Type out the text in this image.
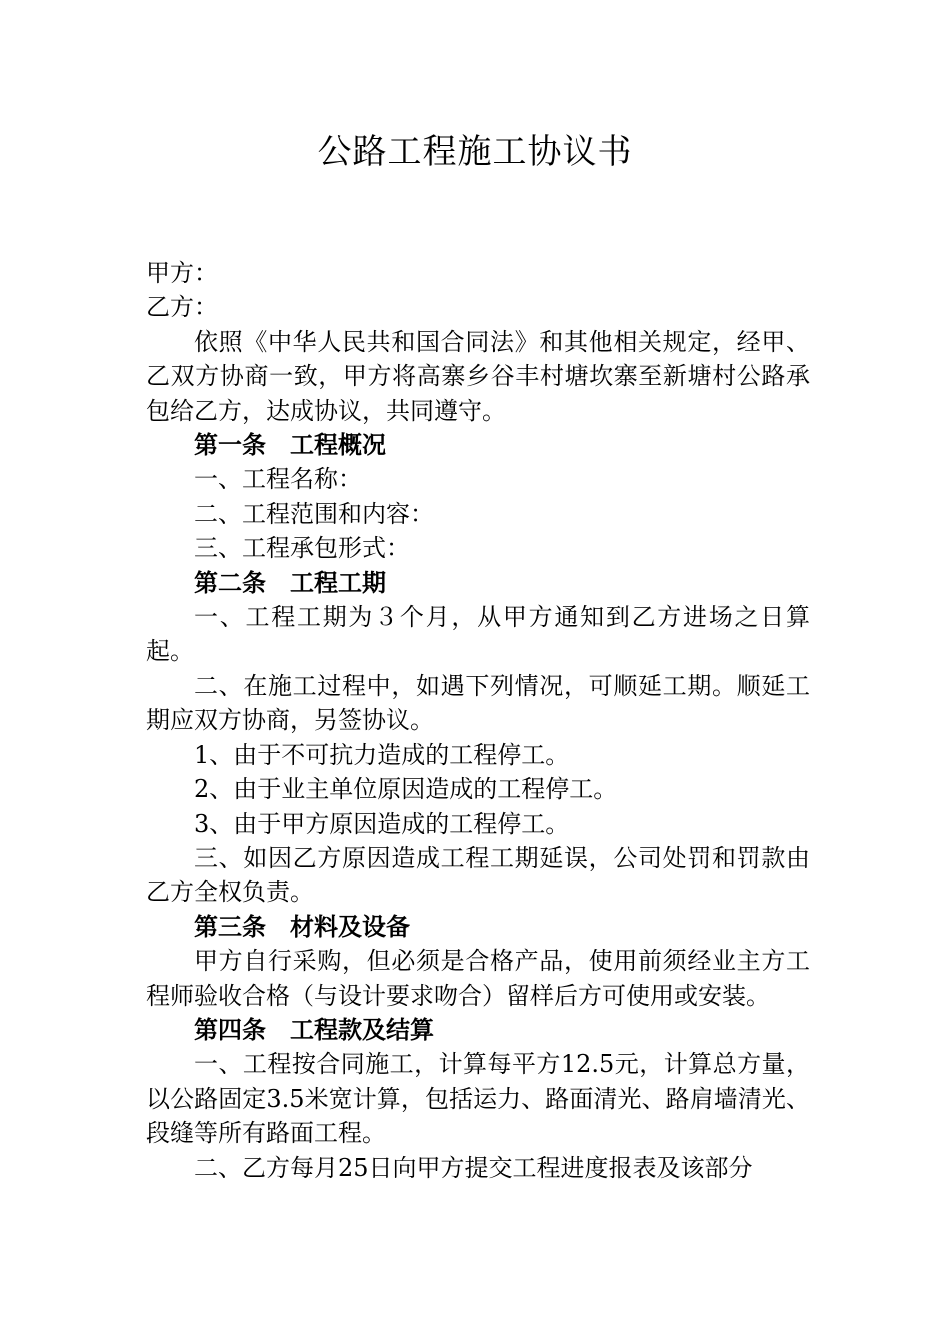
公路工程施工协议书

甲方：

乙方：

依照《中华人民共和国合同法》和其他相关规定，经甲、乙双方协商一致，甲方将高寨乡谷丰村塘坎寨至新塘村公路承包给乙方，达成协议，共同遵守。

第一条　工程概况

一、工程名称：

二、工程范围和内容：

三、工程承包形式：

第二条　工程工期

一、工程工期为３个月，从甲方通知到乙方进场之日算起。

二、在施工过程中，如遇下列情况，可顺延工期。顺延工期应双方协商，另签协议。

1、由于不可抗力造成的工程停工。

2、由于业主单位原因造成的工程停工。

3、由于甲方原因造成的工程停工。

三、如因乙方原因造成工程工期延误，公司处罚和罚款由乙方全权负责。

第三条　材料及设备

甲方自行采购，但必须是合格产品，使用前须经业主方工程师验收合格（与设计要求吻合）留样后方可使用或安装。

第四条　工程款及结算

一、工程按合同施工，计算每平方12.5元，计算总方量，以公路固定3.5米宽计算，包括运力、路面清光、路肩墙清光、段缝等所有路面工程。

二、乙方每月25日向甲方提交工程进度报表及该部分
